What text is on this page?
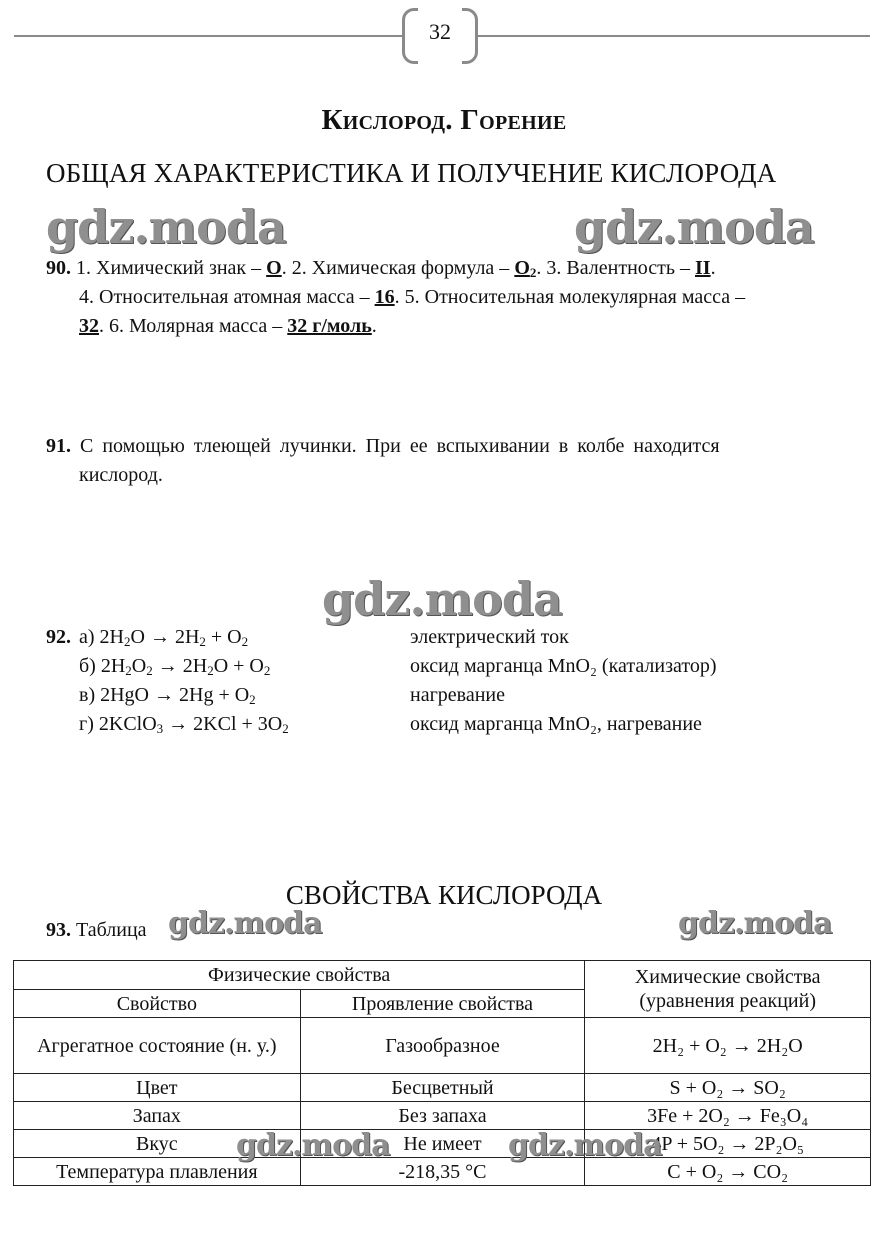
32
Кислород. Горение
ОБЩАЯ ХАРАКТЕРИСТИКА И ПОЛУЧЕНИЕ КИСЛОРОДА
gdz.moda	gdz.moda
gdz.moda
gdz.moda	gdz.moda
90. 1. Химический знак – О. 2. Химическая формула – $О_2$. 3. Валентность – II.
4. Относительная атомная масса – 16. 5. Относительная молекулярная масса –
32. 6. Молярная масса – 32 г/моль.
91. С помощью тлеющей лучинки. При ее вспыхивании в колбе находится
кислород.
92. а) $2H_2O \to 2H_2 + O_2$	электрический ток
б) $2H_2O_2 \to 2H_2O + O_2$	оксид марганца MnO₂ (катализатор)
в) $2HgO \to 2Hg + O_2$	нагревание
г) 2KClO$_3$ → $2KCl + 3O_2$	оксид марганца MnO₂, нагревание
СВОЙСТВА КИСЛОРОДА
93. Таблица
Физические свойства		Химические свойства (уравнения реакций)
Свойство	Проявление свойства	
Агрегатное состояние (н. у.)	Газообразное	2H₂ + O₂ → 2H₂O
Цвет	Бесцветный	S + O₂ → SO₂
Запах	Без запаха	3Fe + 2O₂ → Fe₃O₄
Вкус	Не имеет	4P + 5O₂ → 2P₂O₅
Температура плавления	-218,35 °С	C + O₂ → CO₂
gdz.moda	gdz.moda
